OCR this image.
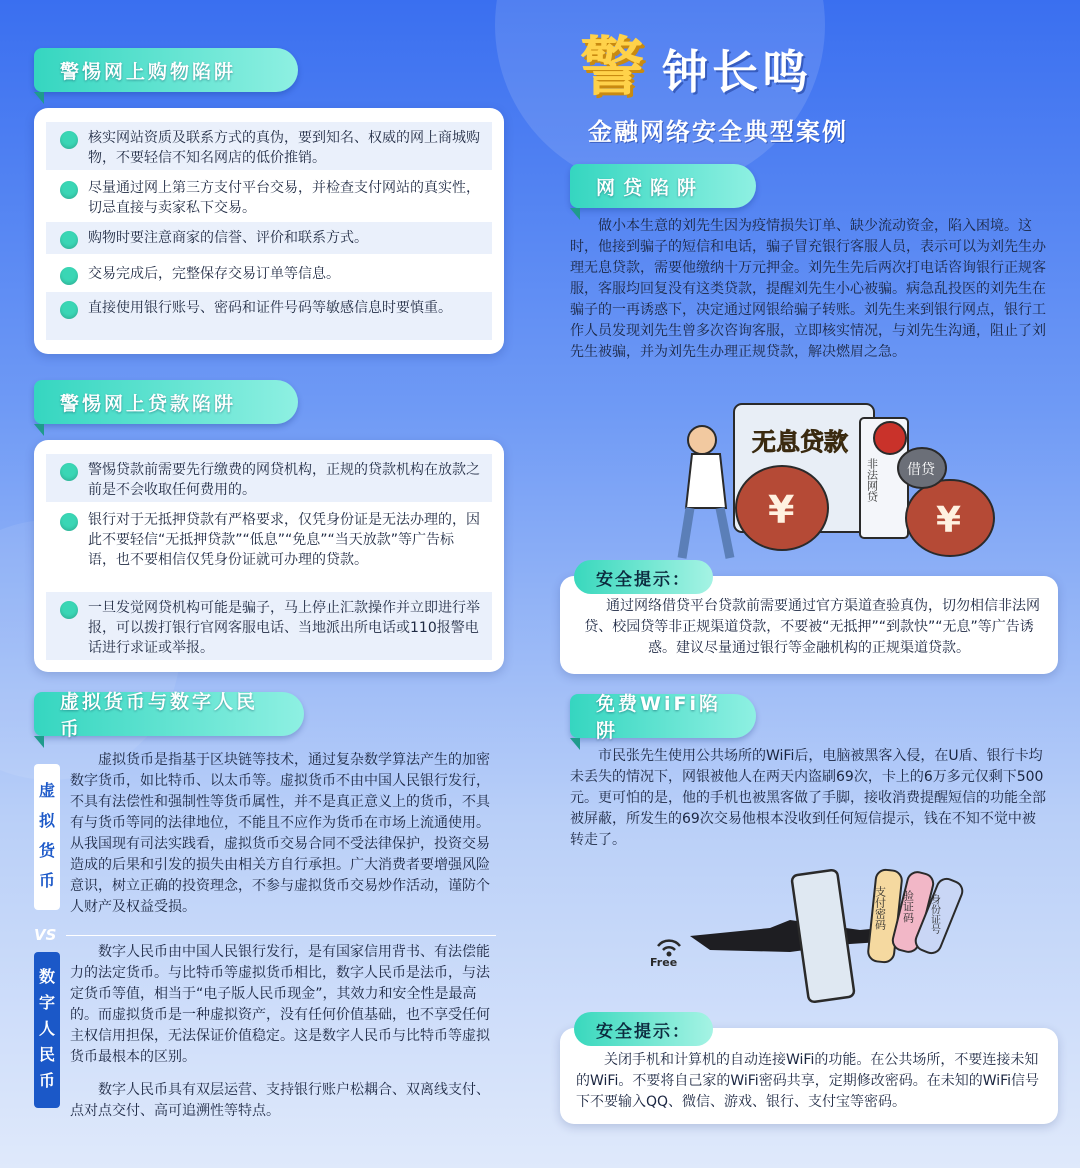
警 钟长鸣
金融网络安全典型案例
警惕网上购物陷阱
核实网站资质及联系方式的真伪，要到知名、权威的网上商城购物，不要轻信不知名网店的低价推销。
尽量通过网上第三方支付平台交易，并检查支付网站的真实性，切忌直接与卖家私下交易。
购物时要注意商家的信誉、评价和联系方式。
交易完成后，完整保存交易订单等信息。
直接使用银行账号、密码和证件号码等敏感信息时要慎重。
警惕网上贷款陷阱
警惕贷款前需要先行缴费的网贷机构，正规的贷款机构在放款之前是不会收取任何费用的。
银行对于无抵押贷款有严格要求，仅凭身份证是无法办理的，因此不要轻信“无抵押贷款”“低息”“免息”“当天放款”等广告标语，也不要相信仅凭身份证就可办理的贷款。
一旦发觉网贷机构可能是骗子，马上停止汇款操作并立即进行举报，可以拨打银行官网客服电话、当地派出所电话或110报警电话进行求证或举报。
虚拟货币与数字人民币
虚拟货币
虚拟货币是指基于区块链等技术，通过复杂数学算法产生的加密数字货币，如比特币、以太币等。虚拟货币不由中国人民银行发行，不具有法偿性和强制性等货币属性，并不是真正意义上的货币，不具有与货币等同的法律地位，不能且不应作为货币在市场上流通使用。从我国现有司法实践看，虚拟货币交易合同不受法律保护，投资交易造成的后果和引发的损失由相关方自行承担。广大消费者要增强风险意识，树立正确的投资理念，不参与虚拟货币交易炒作活动，谨防个人财产及权益受损。
VS
数字人民币
数字人民币由中国人民银行发行，是有国家信用背书、有法偿能力的法定货币。与比特币等虚拟货币相比，数字人民币是法币，与法定货币等值，相当于“电子版人民币现金”，其效力和安全性是最高的。而虚拟货币是一种虚拟资产，没有任何价值基础，也不享受任何主权信用担保，无法保证价值稳定。这是数字人民币与比特币等虚拟货币最根本的区别。
数字人民币具有双层运营、支持银行账户松耦合、双离线支付、点对点交付、高可追溯性等特点。
网贷陷阱
做小本生意的刘先生因为疫情损失订单、缺少流动资金，陷入困境。这时，他接到骗子的短信和电话，骗子冒充银行客服人员，表示可以为刘先生办理无息贷款，需要他缴纳十万元押金。刘先生先后两次打电话咨询银行正规客服，客服均回复没有这类贷款，提醒刘先生小心被骗。病急乱投医的刘先生在骗子的一再诱惑下，决定通过网银给骗子转账。刘先生来到银行网点，银行工作人员发现刘先生曾多次咨询客服，立即核实情况，与刘先生沟通，阻止了刘先生被骗，并为刘先生办理正规贷款，解决燃眉之急。
无息贷款
非法网贷
¥	¥
借贷
通过网络借贷平台贷款前需要通过官方渠道查验真伪，切勿相信非法网贷、校园贷等非正规渠道贷款，不要被“无抵押”“到款快”“无息”等广告诱惑。建议尽量通过银行等金融机构的正规渠道贷款。
安全提示：
免费WiFi陷阱
市民张先生使用公共场所的WiFi后，电脑被黑客入侵，在U盾、银行卡均未丢失的情况下，网银被他人在两天内盗刷69次，卡上的6万多元仅剩下500元。更可怕的是，他的手机也被黑客做了手脚，接收消费提醒短信的功能全部被屏蔽，所发生的69次交易他根本没收到任何短信提示，钱在不知不觉中被转走了。
Free
支付密码 验证码 身份证号
关闭手机和计算机的自动连接WiFi的功能。在公共场所，不要连接未知的WiFi。不要将自己家的WiFi密码共享，定期修改密码。在未知的WiFi信号下不要输入QQ、微信、游戏、银行、支付宝等密码。
安全提示：
